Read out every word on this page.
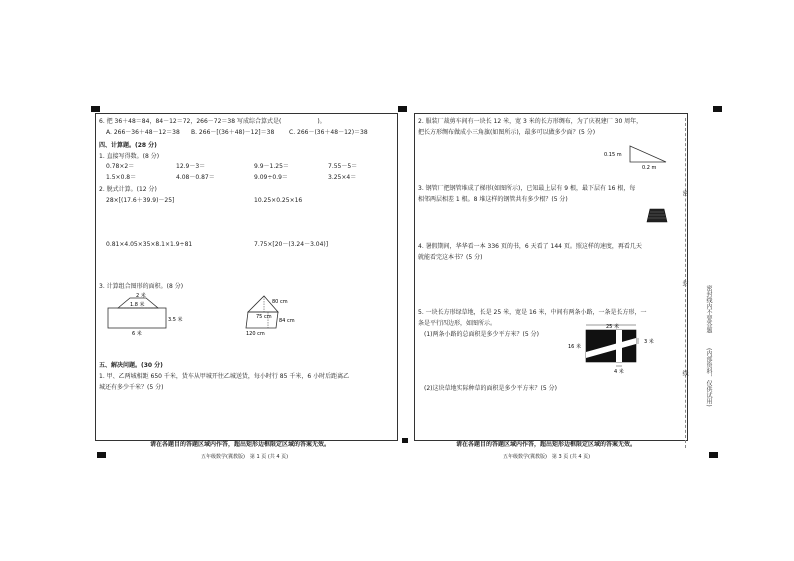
6. 把 36＋48＝84，84－12＝72，266－72＝38 写成综合算式是(　　　　　　)。
A. 266－36＋48－12＝38 B. 266－[(36＋48)－12]＝38 C. 266－(36＋48－12)＝38
四、计算题。(28 分)
1. 直接写得数。(8 分)
0.78×2＝	12.9－3＝	9.9－1.25＝	7.55－5＝
1.5×0.8＝	4.08－0.87＝	9.09÷0.9＝	3.25×4＝
2. 脱式计算。(12 分)
28×[(17.6＋39.9)－25]	10.25×0.25×16
0.81×4.05×35×8.1×1.9÷81	7.75×[20－(3.24－3.04)]
3. 计算组合图形的面积。(8 分)
2 米
1.8 米
3.5 米
6 米
80 cm
75 cm
84 cm
120 cm
五、解决问题。(30 分)
1. 甲、乙两城相距 650 千米，货车从甲城开往乙城送货，每小时行 85 千米，6 小时后距离乙
城还有多少千米？(5 分)
请在各题目的答题区域内作答，超出矩形边框限定区域的答案无效。
五年级数学(冀教版)　第 1 页 (共 4 页)
2. 服装厂裁剪车间有一块长 12 米，宽 3 米的长方形绸布，为了庆祝建厂 30 周年，
把长方形绸布做成小三角旗(如图所示)，最多可以做多少面？(5 分)
0.15 m
0.2 m
3. 钢管厂把钢管堆成了梯形(如图所示)，已知最上层有 9 根，最下层有 16 根，每
相邻两层相差 1 根。8 堆这样的钢管共有多少根？(5 分)
4. 暑假期间，华华看一本 336 页的书，6 天看了 144 页。照这样的速度，再看几天
就能看完这本书？(5 分)
5. 一块长方形绿草地，长是 25 米，宽是 16 米，中间有两条小路，一条是长方形，一
条是平行四边形，如图所示。
(1)两条小路的总面积是多少平方米？(5 分)
25 米
16 米
3 米
4 米
(2)这块草地实际种草的面积是多少平方米？(5 分)
请在各题目的答题区域内作答，超出矩形边框限定区域的答案无效。
五年级数学(冀教版)　第 3 页 (共 4 页)
密
封
线
密封线内不要答题
(内部资料，仅供试用)
